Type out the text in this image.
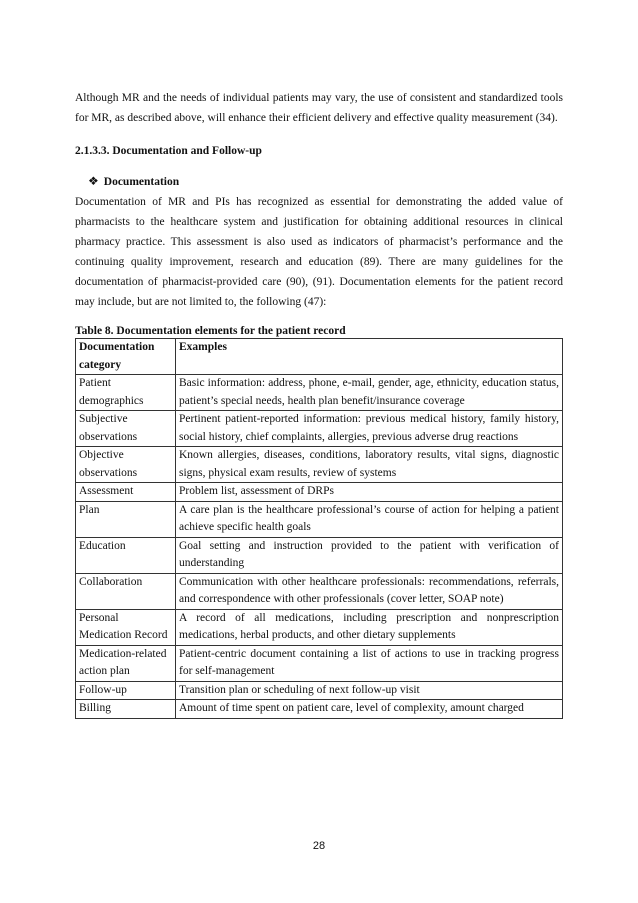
Although MR and the needs of individual patients may vary, the use of consistent and standardized tools for MR, as described above, will enhance their efficient delivery and effective quality measurement (34).

2.1.3.3. Documentation and Follow-up
❖ Documentation

Documentation of MR and PIs has recognized as essential for demonstrating the added value of pharmacists to the healthcare system and justification for obtaining additional resources in clinical pharmacy practice. This assessment is also used as indicators of pharmacist’s performance and the continuing quality improvement, research and education (89). There are many guidelines for the documentation of pharmacist-provided care (90), (91). Documentation elements for the patient record may include, but are not limited to, the following (47):

Table 8. Documentation elements for the patient record
Documentation category	Examples
Patient demographics	Basic information: address, phone, e-mail, gender, age, ethnicity, education status, patient’s special needs, health plan benefit/insurance coverage
Subjective observations	Pertinent patient-reported information: previous medical history, family history, social history, chief complaints, allergies, previous adverse drug reactions
Objective observations	Known allergies, diseases, conditions, laboratory results, vital signs, diagnostic signs, physical exam results, review of systems
Assessment	Problem list, assessment of DRPs
Plan	A care plan is the healthcare professional’s course of action for helping a patient achieve specific health goals
Education	Goal setting and instruction provided to the patient with verification of understanding
Collaboration	Communication with other healthcare professionals: recommendations, referrals, and correspondence with other professionals (cover letter, SOAP note)
Personal Medication Record	A record of all medications, including prescription and nonprescription medications, herbal products, and other dietary supplements
Medication-related action plan	Patient-centric document containing a list of actions to use in tracking progress for self-management
Follow-up	Transition plan or scheduling of next follow-up visit
Billing	Amount of time spent on patient care, level of complexity, amount charged
28
